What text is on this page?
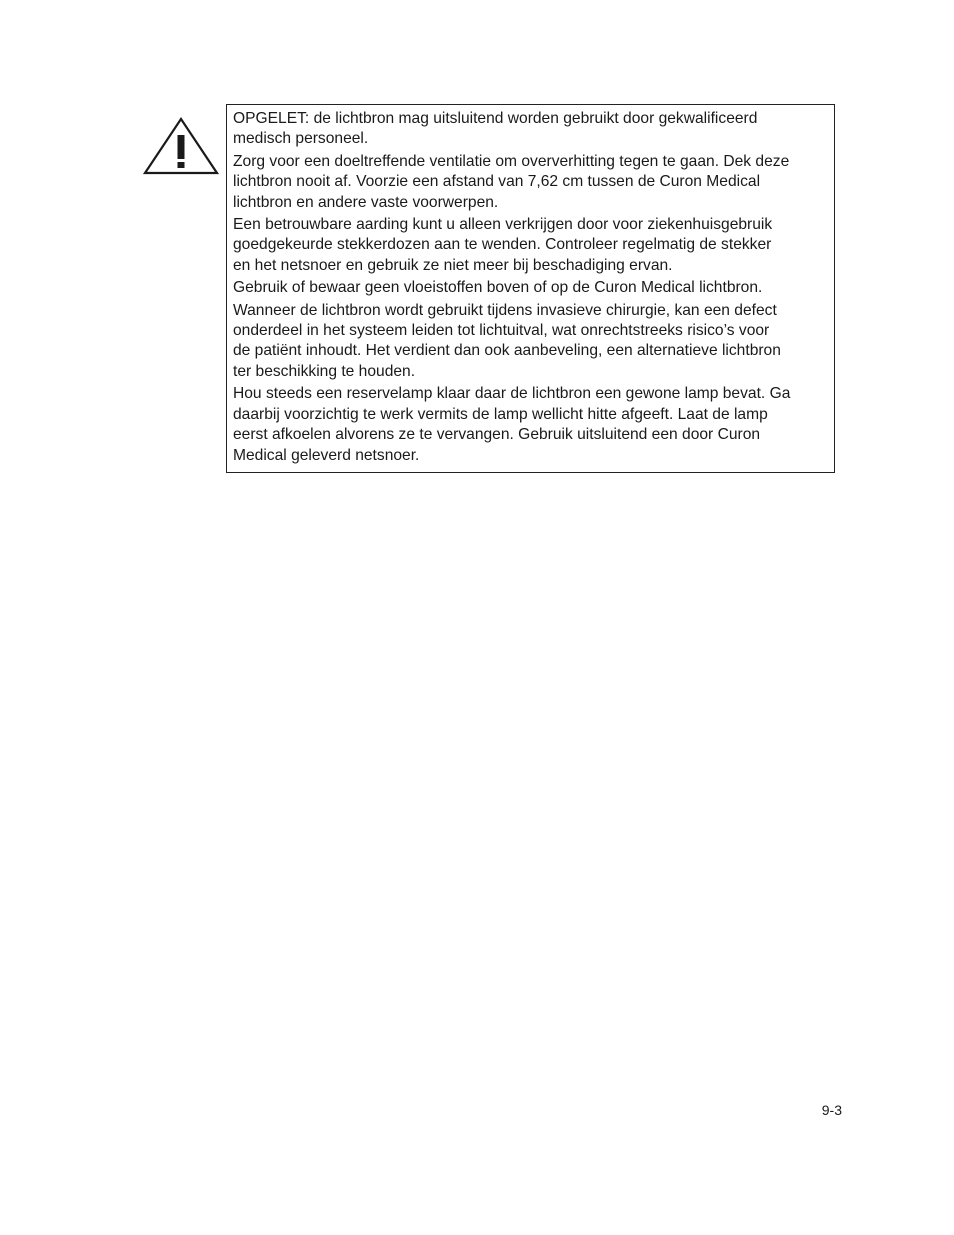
OPGELET: de lichtbron mag uitsluitend worden gebruikt door gekwalificeerd
medisch personeel.

Zorg voor een doeltreffende ventilatie om oververhitting tegen te gaan. Dek deze
lichtbron nooit af. Voorzie een afstand van 7,62 cm tussen de Curon Medical
lichtbron en andere vaste voorwerpen.

Een betrouwbare aarding kunt u alleen verkrijgen door voor ziekenhuisgebruik
goedgekeurde stekkerdozen aan te wenden. Controleer regelmatig de stekker
en het netsnoer en gebruik ze niet meer bij beschadiging ervan.

Gebruik of bewaar geen vloeistoffen boven of op de Curon Medical lichtbron.

Wanneer de lichtbron wordt gebruikt tijdens invasieve chirurgie, kan een defect
onderdeel in het systeem leiden tot lichtuitval, wat onrechtstreeks risico’s voor
de patiënt inhoudt. Het verdient dan ook aanbeveling, een alternatieve lichtbron
ter beschikking te houden.

Hou steeds een reservelamp klaar daar de lichtbron een gewone lamp bevat. Ga
daarbij voorzichtig te werk vermits de lamp wellicht hitte afgeeft. Laat de lamp
eerst afkoelen alvorens ze te vervangen. Gebruik uitsluitend een door Curon
Medical geleverd netsnoer.

9-3
